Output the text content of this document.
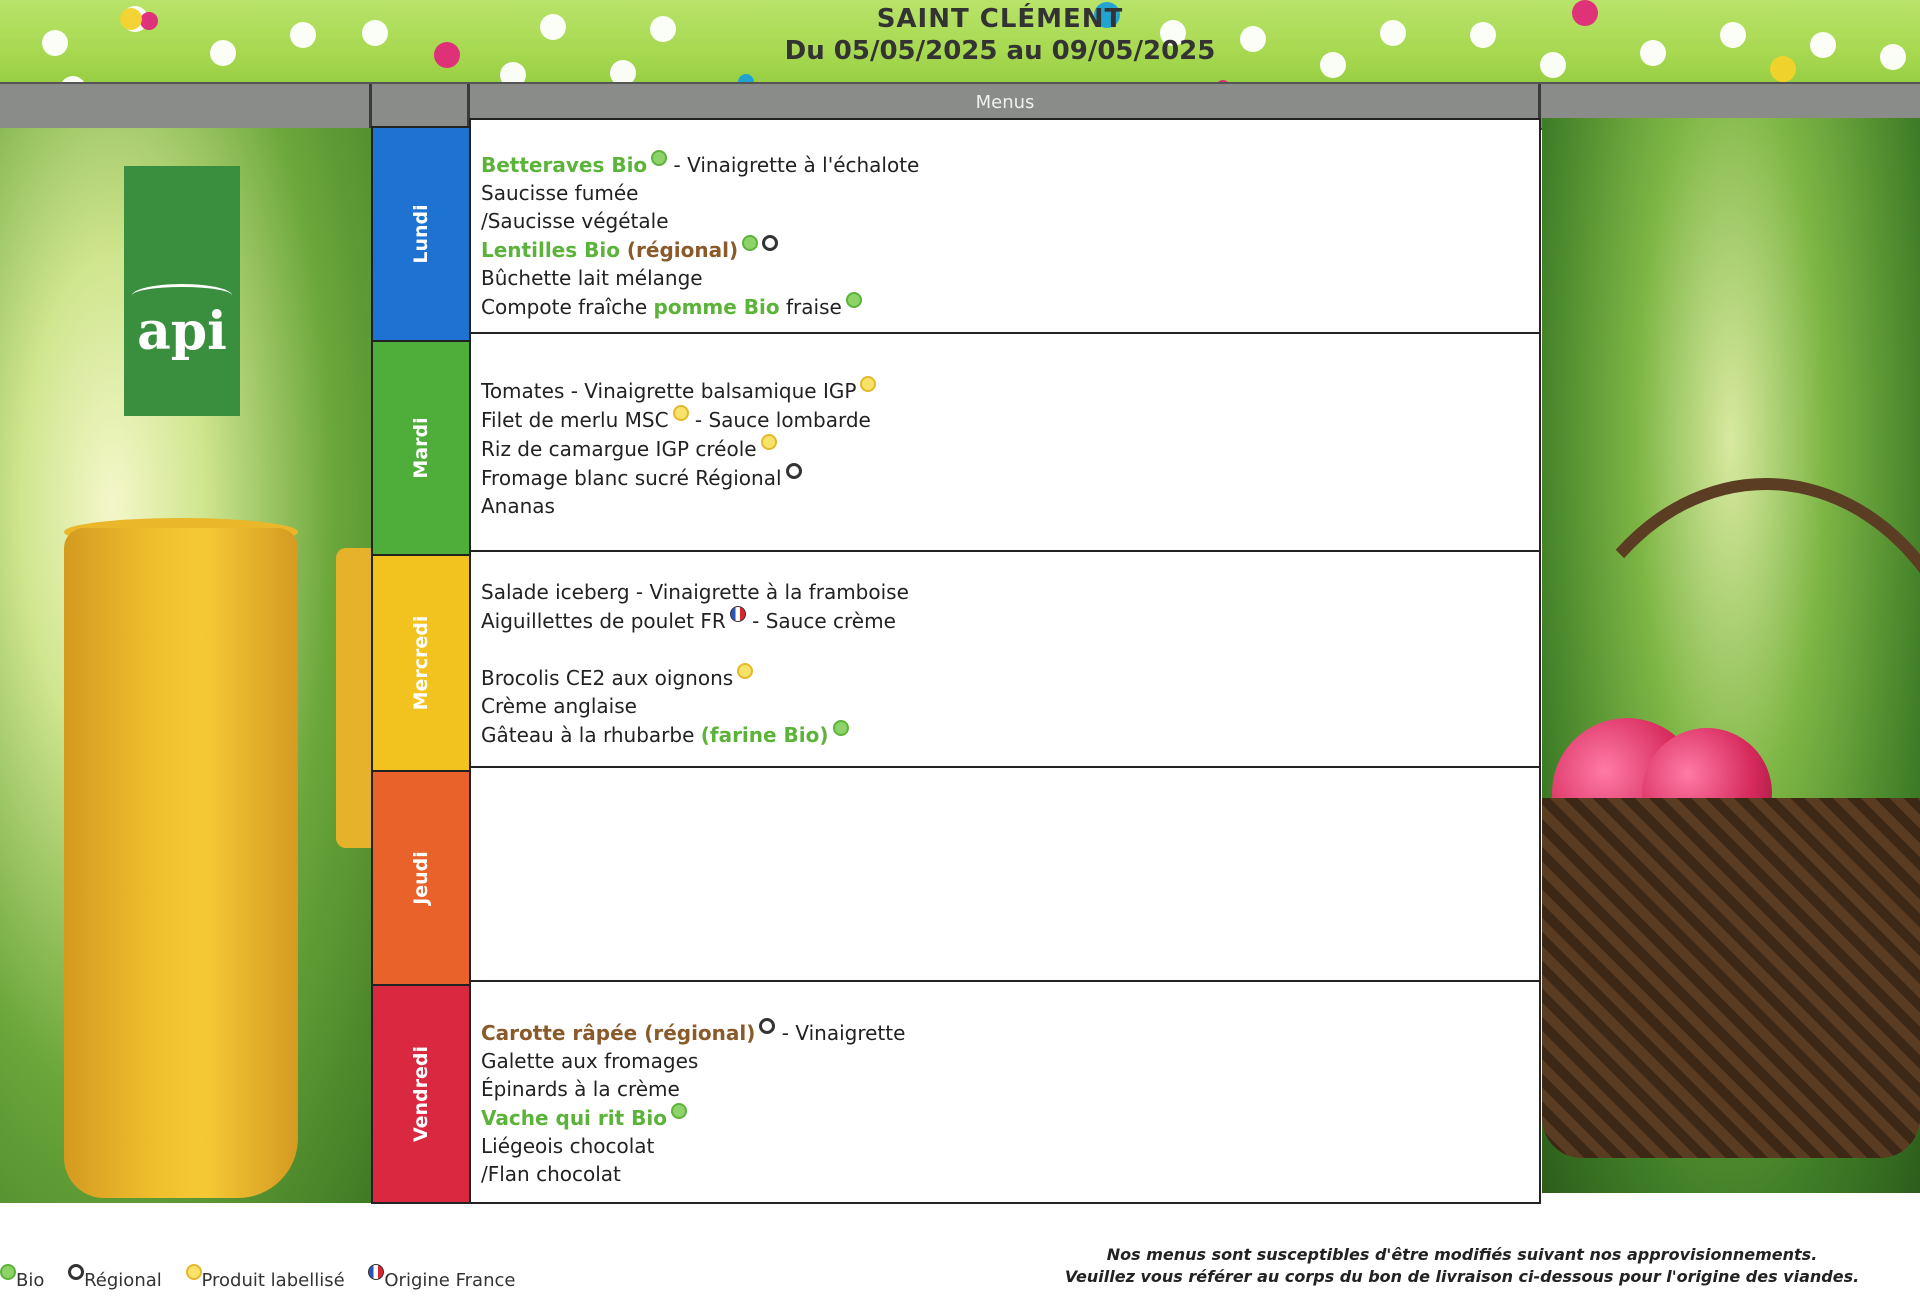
SAINT CLÉMENT
Du 05/05/2025 au 09/05/2025
Menus
api
Lundi
Mardi
Mercredi
Jeudi
Vendredi
Betteraves Bio - Vinaigrette à l'échalote
Saucisse fumée
/Saucisse végétale
Lentilles Bio (régional)
Bûchette lait mélange
Compote fraîche pomme Bio fraise
Tomates - Vinaigrette balsamique IGP
Filet de merlu MSC - Sauce lombarde
Riz de camargue IGP créole
Fromage blanc sucré Régional
Ananas
Salade iceberg - Vinaigrette à la framboise
Aiguillettes de poulet FR - Sauce crème
Brocolis CE2 aux oignons
Crème anglaise
Gâteau à la rhubarbe (farine Bio)
Carotte râpée (régional) - Vinaigrette
Galette aux fromages
Épinards à la crème
Vache qui rit Bio
Liégeois chocolat
/Flan chocolat
Bio Régional Produit labellisé Origine France
Nos menus sont susceptibles d'être modifiés suivant nos approvisionnements.
Veuillez vous référer au corps du bon de livraison ci-dessous pour l'origine des viandes.
